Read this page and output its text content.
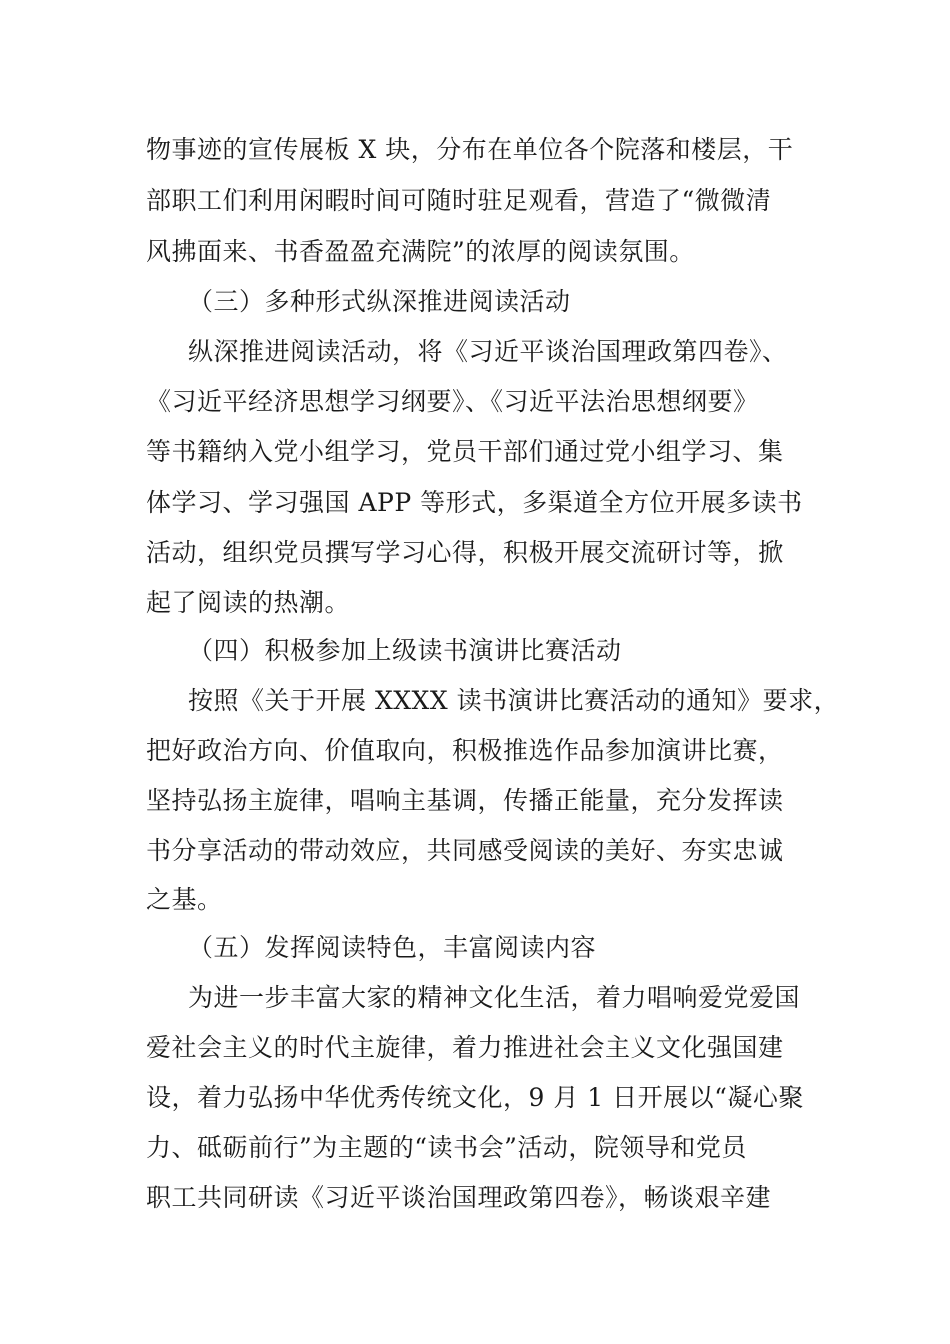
物事迹的宣传展板 X 块，分布在单位各个院落和楼层，干
部职工们利用闲暇时间可随时驻足观看，营造了“微微清
风拂面来、书香盈盈充满院”的浓厚的阅读氛围。
（三）多种形式纵深推进阅读活动
纵深推进阅读活动，将《习近平谈治国理政第四卷》、
《习近平经济思想学习纲要》、《习近平法治思想纲要》
等书籍纳入党小组学习，党员干部们通过党小组学习、集
体学习、学习强国 APP 等形式，多渠道全方位开展多读书
活动，组织党员撰写学习心得，积极开展交流研讨等，掀
起了阅读的热潮。
（四）积极参加上级读书演讲比赛活动
按照《关于开展 XXXX 读书演讲比赛活动的通知》要求，
把好政治方向、价值取向，积极推选作品参加演讲比赛，
坚持弘扬主旋律，唱响主基调，传播正能量，充分发挥读
书分享活动的带动效应，共同感受阅读的美好、夯实忠诚
之基。
（五）发挥阅读特色，丰富阅读内容
为进一步丰富大家的精神文化生活，着力唱响爱党爱国
爱社会主义的时代主旋律，着力推进社会主义文化强国建
设，着力弘扬中华优秀传统文化，9 月 1 日开展以“凝心聚
力、砥砺前行”为主题的“读书会”活动，院领导和党员
职工共同研读《习近平谈治国理政第四卷》，畅谈艰辛建
